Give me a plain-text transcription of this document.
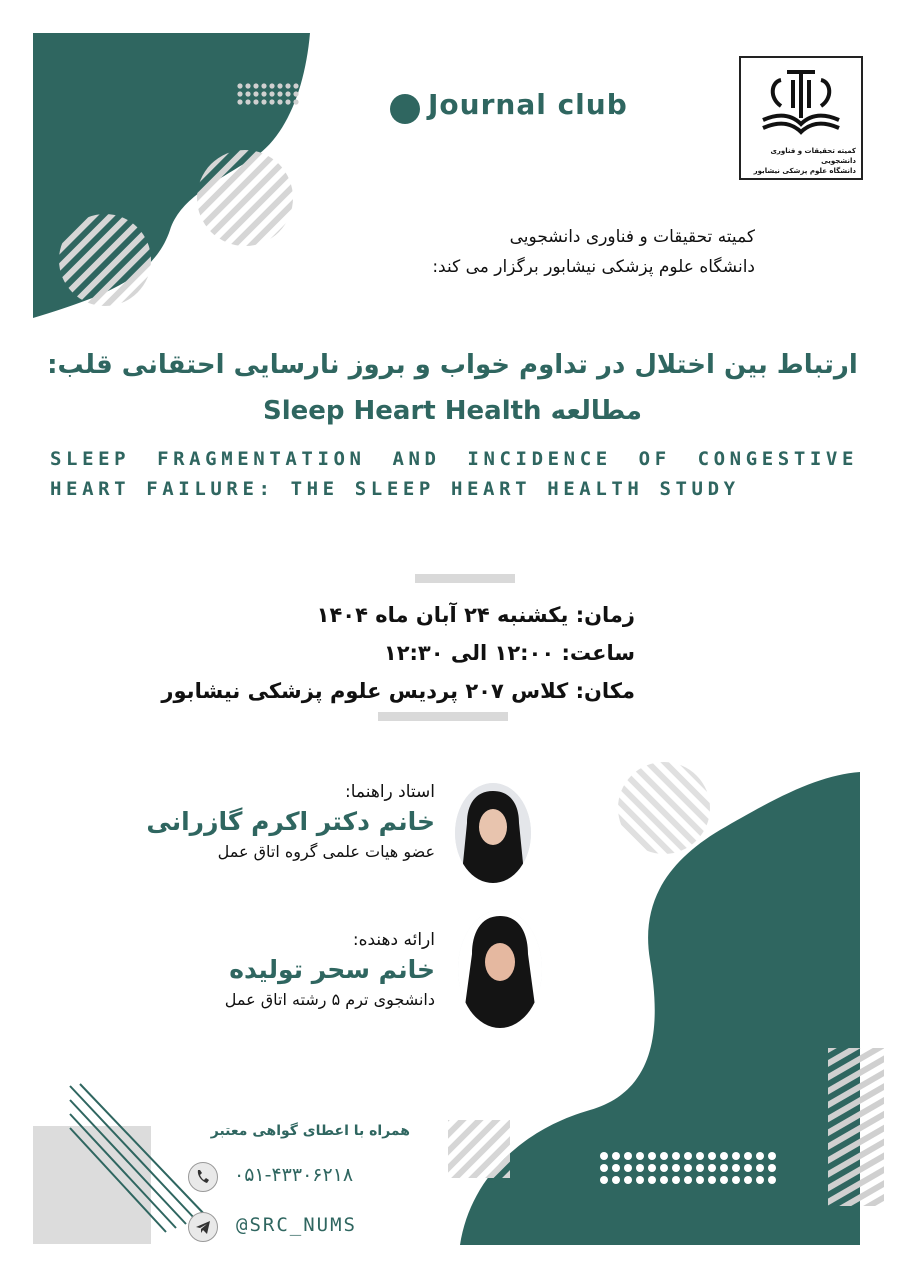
Journal club
کمیته تحقیقات و فناوری دانشجویی
دانشگاه علوم پزشکی نیشابور
کمیته تحقیقات و فناوری دانشجویی
دانشگاه علوم پزشکی نیشابور برگزار می کند:
ارتباط بین اختلال در تداوم خواب و بروز نارسایی احتقانی قلب:
مطالعه Sleep Heart Health
SLEEP FRAGMENTATION AND INCIDENCE OF CONGESTIVE HEART FAILURE: THE SLEEP HEART HEALTH STUDY
زمان: یکشنبه ۲۴ آبان ماه ۱۴۰۴
ساعت: ۱۲:۰۰ الی ۱۲:۳۰
مکان: کلاس ۲۰۷ پردیس علوم پزشکی نیشابور
استاد راهنما:
خانم دکتر اکرم گازرانی
عضو هیات علمی گروه اتاق عمل
ارائه دهنده:
خانم سحر تولیده
دانشجوی ترم ۵ رشته اتاق عمل
همراه با اعطای گواهی معتبر
۰۵۱-۴۳۳۰۶۲۱۸
@SRC_NUMS
